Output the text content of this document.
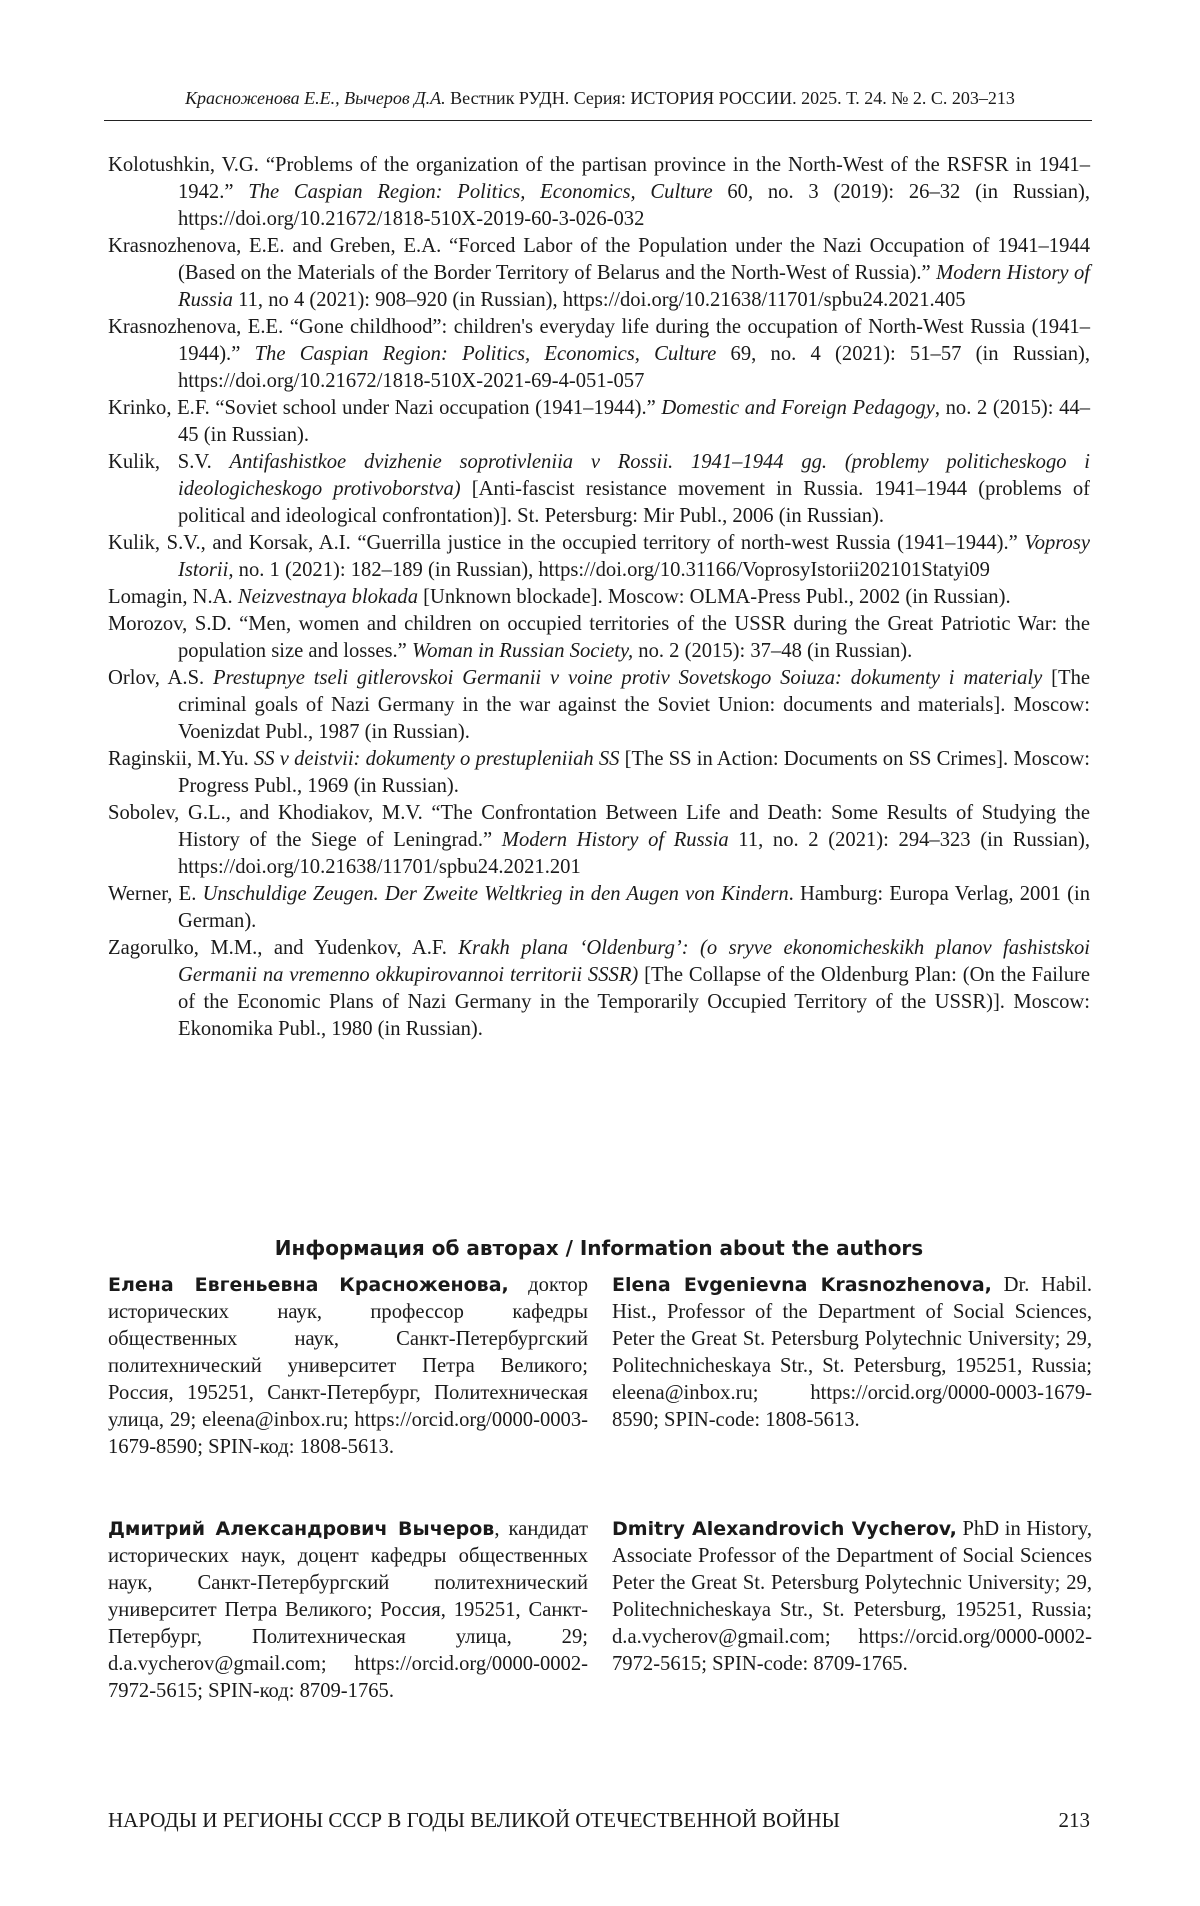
Красноженова Е.Е., Вычеров Д.А. Вестник РУДН. Серия: ИСТОРИЯ РОССИИ. 2025. Т. 24. № 2. С. 203–213

Kolotushkin, V.G. “Problems of the organization of the partisan province in the North-West of the RSFSR in 1941–1942.” The Caspian Region: Politics, Economics, Culture 60, no. 3 (2019): 26–32 (in Russian), https://doi.org/10.21672/1818-510X-2019-60-3-026-032

Krasnozhenova, E.E. and Greben, E.A. “Forced Labor of the Population under the Nazi Occupation of 1941–1944 (Based on the Materials of the Border Territory of Belarus and the North-West of Russia).” Modern History of Russia 11, no 4 (2021): 908–920 (in Russian), https://doi.org/10.21638/11701/spbu24.2021.405

Krasnozhenova, E.E. “Gone childhood”: children's everyday life during the occupation of North-West Russia (1941–1944).” The Caspian Region: Politics, Economics, Culture 69, no. 4 (2021): 51–57 (in Russian), https://doi.org/10.21672/1818-510X-2021-69-4-051-057

Krinko, E.F. “Soviet school under Nazi occupation (1941–1944).” Domestic and Foreign Pedagogy, no. 2 (2015): 44–45 (in Russian).

Kulik, S.V. Antifashistkoe dvizhenie soprotivleniia v Rossii. 1941–1944 gg. (problemy politicheskogo i ideologicheskogo protivoborstva) [Anti-fascist resistance movement in Russia. 1941–1944 (problems of political and ideological confrontation)]. St. Petersburg: Mir Publ., 2006 (in Russian).

Kulik, S.V., and Korsak, A.I. “Guerrilla justice in the occupied territory of north-west Russia (1941–1944).” Voprosy Istorii, no. 1 (2021): 182–189 (in Russian), https://doi.org/10.31166/VoprosyIstorii202101Statyi09

Lomagin, N.A. Neizvestnaya blokada [Unknown blockade]. Moscow: OLMA-Press Publ., 2002 (in Russian).

Morozov, S.D. “Men, women and children on occupied territories of the USSR during the Great Patriotic War: the population size and losses.” Woman in Russian Society, no. 2 (2015): 37–48 (in Russian).

Orlov, A.S. Prestupnye tseli gitlerovskoi Germanii v voine protiv Sovetskogo Soiuza: dokumenty i materialy [The criminal goals of Nazi Germany in the war against the Soviet Union: documents and materials]. Moscow: Voenizdat Publ., 1987 (in Russian).

Raginskii, M.Yu. SS v deistvii: dokumenty o prestupleniiah SS [The SS in Action: Documents on SS Crimes]. Moscow: Progress Publ., 1969 (in Russian).

Sobolev, G.L., and Khodiakov, M.V. “The Confrontation Between Life and Death: Some Results of Studying the History of the Siege of Leningrad.” Modern History of Russia 11, no. 2 (2021): 294–323 (in Russian), https://doi.org/10.21638/11701/spbu24.2021.201

Werner, E. Unschuldige Zeugen. Der Zweite Weltkrieg in den Augen von Kindern. Hamburg: Europa Verlag, 2001 (in German).

Zagorulko, M.M., and Yudenkov, A.F. Krakh plana ‘Oldenburg’: (o sryve ekonomicheskikh planov fashistskoi Germanii na vremenno okkupirovannoi territorii SSSR) [The Collapse of the Oldenburg Plan: (On the Failure of the Economic Plans of Nazi Germany in the Temporarily Occupied Territory of the USSR)]. Moscow: Ekonomika Publ., 1980 (in Russian).

Информация об авторах / Information about the authors
Елена Евгеньевна Красноженова, доктор исторических наук, профессор кафедры общественных наук, Санкт-Петербургский политехнический университет Петра Великого; Россия, 195251, Санкт-Петербург, Политехническая улица, 29; eleena@inbox.ru; https://orcid.org/0000-0003-1679-8590; SPIN-код: 1808-5613.
Elena Evgenievna Krasnozhenova, Dr. Habil. Hist., Professor of the Department of Social Sciences, Peter the Great St. Petersburg Polytechnic University; 29, Politechnicheskaya Str., St. Petersburg, 195251, Russia; eleena@inbox.ru; https://orcid.org/0000-0003-1679-8590; SPIN-code: 1808-5613.
Дмитрий Александрович Вычеров, кандидат исторических наук, доцент кафедры общественных наук, Санкт-Петербургский политехнический университет Петра Великого; Россия, 195251, Санкт-Петербург, Политехническая улица, 29; d.a.vycherov@gmail.com; https://orcid.org/0000-0002-7972-5615; SPIN-код: 8709-1765.
Dmitry Alexandrovich Vycherov, PhD in History, Associate Professor of the Department of Social Sciences Peter the Great St. Petersburg Polytechnic University; 29, Politechnicheskaya Str., St. Petersburg, 195251, Russia; d.a.vycherov@gmail.com; https://orcid.org/0000-0002-7972-5615; SPIN-code: 8709-1765.
НАРОДЫ И РЕГИОНЫ СССР В ГОДЫ ВЕЛИКОЙ ОТЕЧЕСТВЕННОЙ ВОЙНЫ	213
